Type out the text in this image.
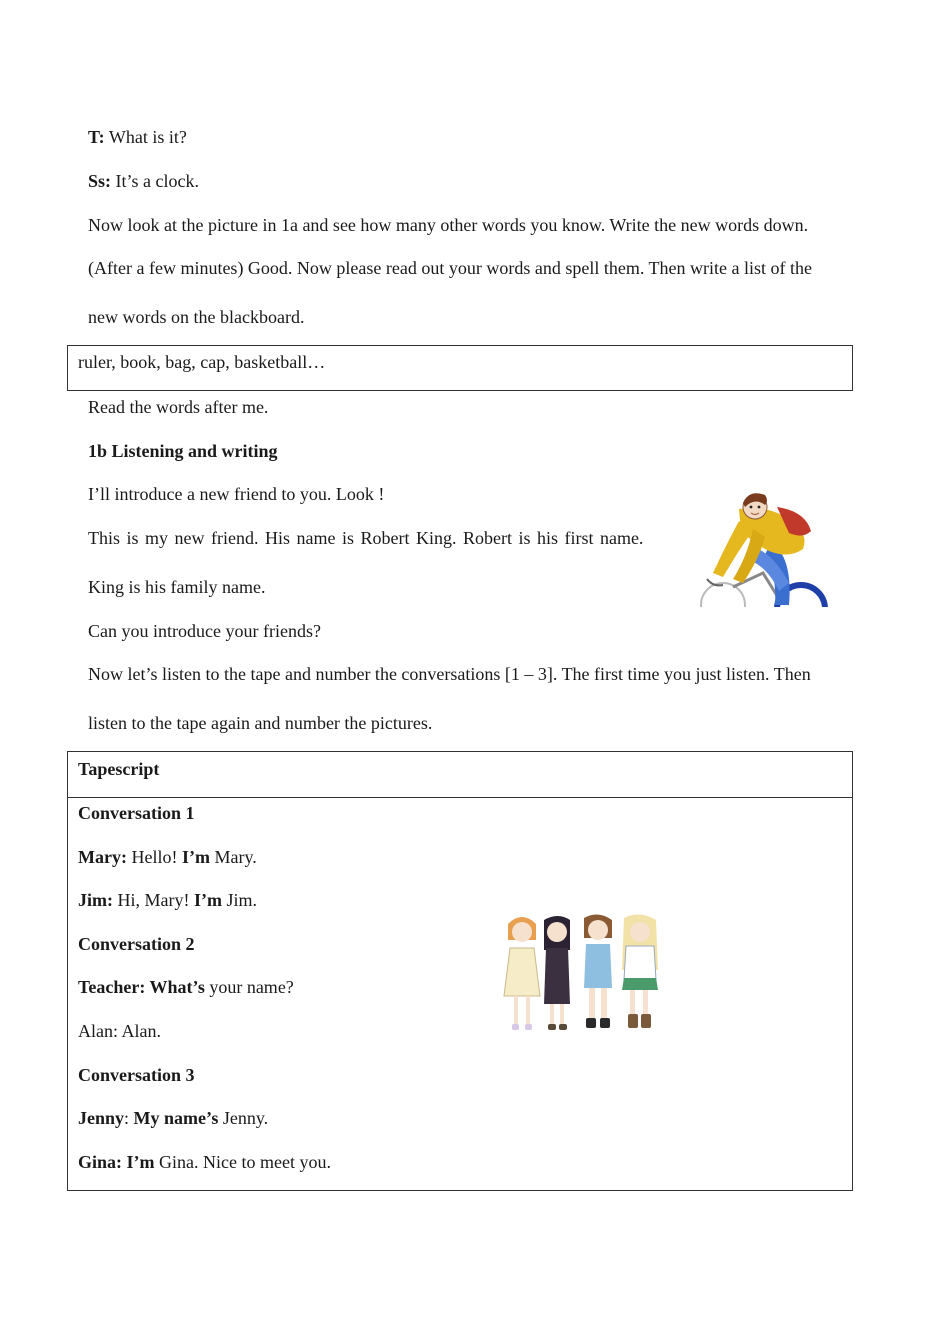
T: What is it?
Ss: It’s a clock.
Now look at the picture in 1a and see how many other words you know. Write the new words down.
(After a few minutes) Good. Now please read out your words and spell them. Then write a list of the
new words on the blackboard.
ruler, book, bag, cap, basketball…
Read the words after me.
1b Listening and writing
I’ll introduce a new friend to you. Look !
This is my new friend. His name is Robert King. Robert is his first name.
King is his family name.
Can you introduce your friends?
Now let’s listen to the tape and number the conversations [1 – 3]. The first time you just listen. Then
listen to the tape again and number the pictures.
Tapescript
Conversation 1
Mary: Hello! I’m Mary.
Jim: Hi, Mary! I’m Jim.
Conversation 2
Teacher: What’s your name?
Alan: Alan.
Conversation 3
Jenny: My name’s Jenny.
Gina: I’m Gina. Nice to meet you.
